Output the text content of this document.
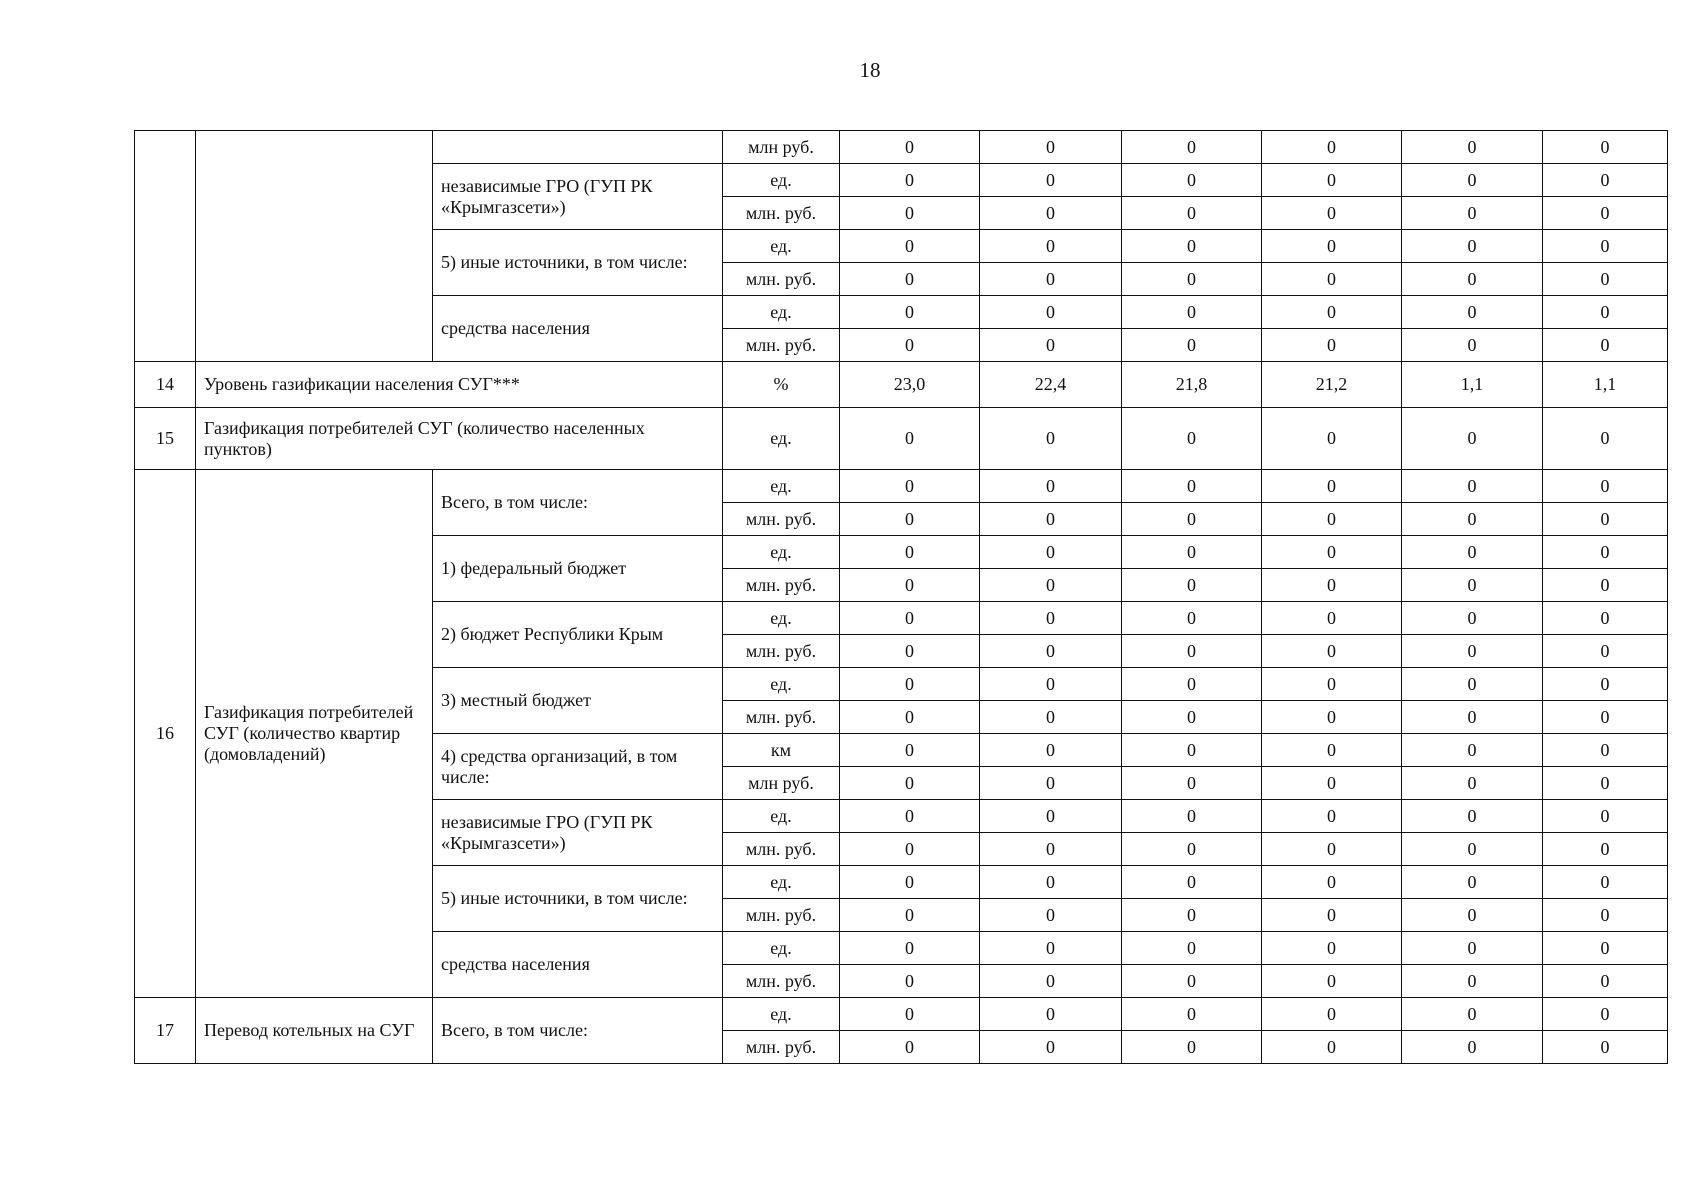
18
			млн руб.	0	0	0	0	0	0
		независимые ГРО (ГУП РК «Крымгазсети»)	ед.	0	0	0	0	0	0
			млн. руб.	0	0	0	0	0	0
		5) иные источники, в том числе:	ед.	0	0	0	0	0	0
			млн. руб.	0	0	0	0	0	0
		средства населения	ед.	0	0	0	0	0	0
			млн. руб.	0	0	0	0	0	0
14	Уровень газификации населения СУГ***		%	23,0	22,4	21,8	21,2	1,1	1,1
15	Газификация потребителей СУГ (количество населенных пунктов)		ед.	0	0	0	0	0	0
16	Газификация потребителей СУГ (количество квартир (домовладений)	Всего, в том числе:	ед.	0	0	0	0	0	0
			млн. руб.	0	0	0	0	0	0
		1) федеральный бюджет	ед.	0	0	0	0	0	0
			млн. руб.	0	0	0	0	0	0
		2) бюджет Республики Крым	ед.	0	0	0	0	0	0
			млн. руб.	0	0	0	0	0	0
		3) местный бюджет	ед.	0	0	0	0	0	0
			млн. руб.	0	0	0	0	0	0
		4) средства организаций, в том числе:	км	0	0	0	0	0	0
			млн руб.	0	0	0	0	0	0
		независимые ГРО (ГУП РК «Крымгазсети»)	ед.	0	0	0	0	0	0
			млн. руб.	0	0	0	0	0	0
		5) иные источники, в том числе:	ед.	0	0	0	0	0	0
			млн. руб.	0	0	0	0	0	0
		средства населения	ед.	0	0	0	0	0	0
			млн. руб.	0	0	0	0	0	0
17	Перевод котельных на СУГ	Всего, в том числе:	ед.	0	0	0	0	0	0
			млн. руб.	0	0	0	0	0	0
